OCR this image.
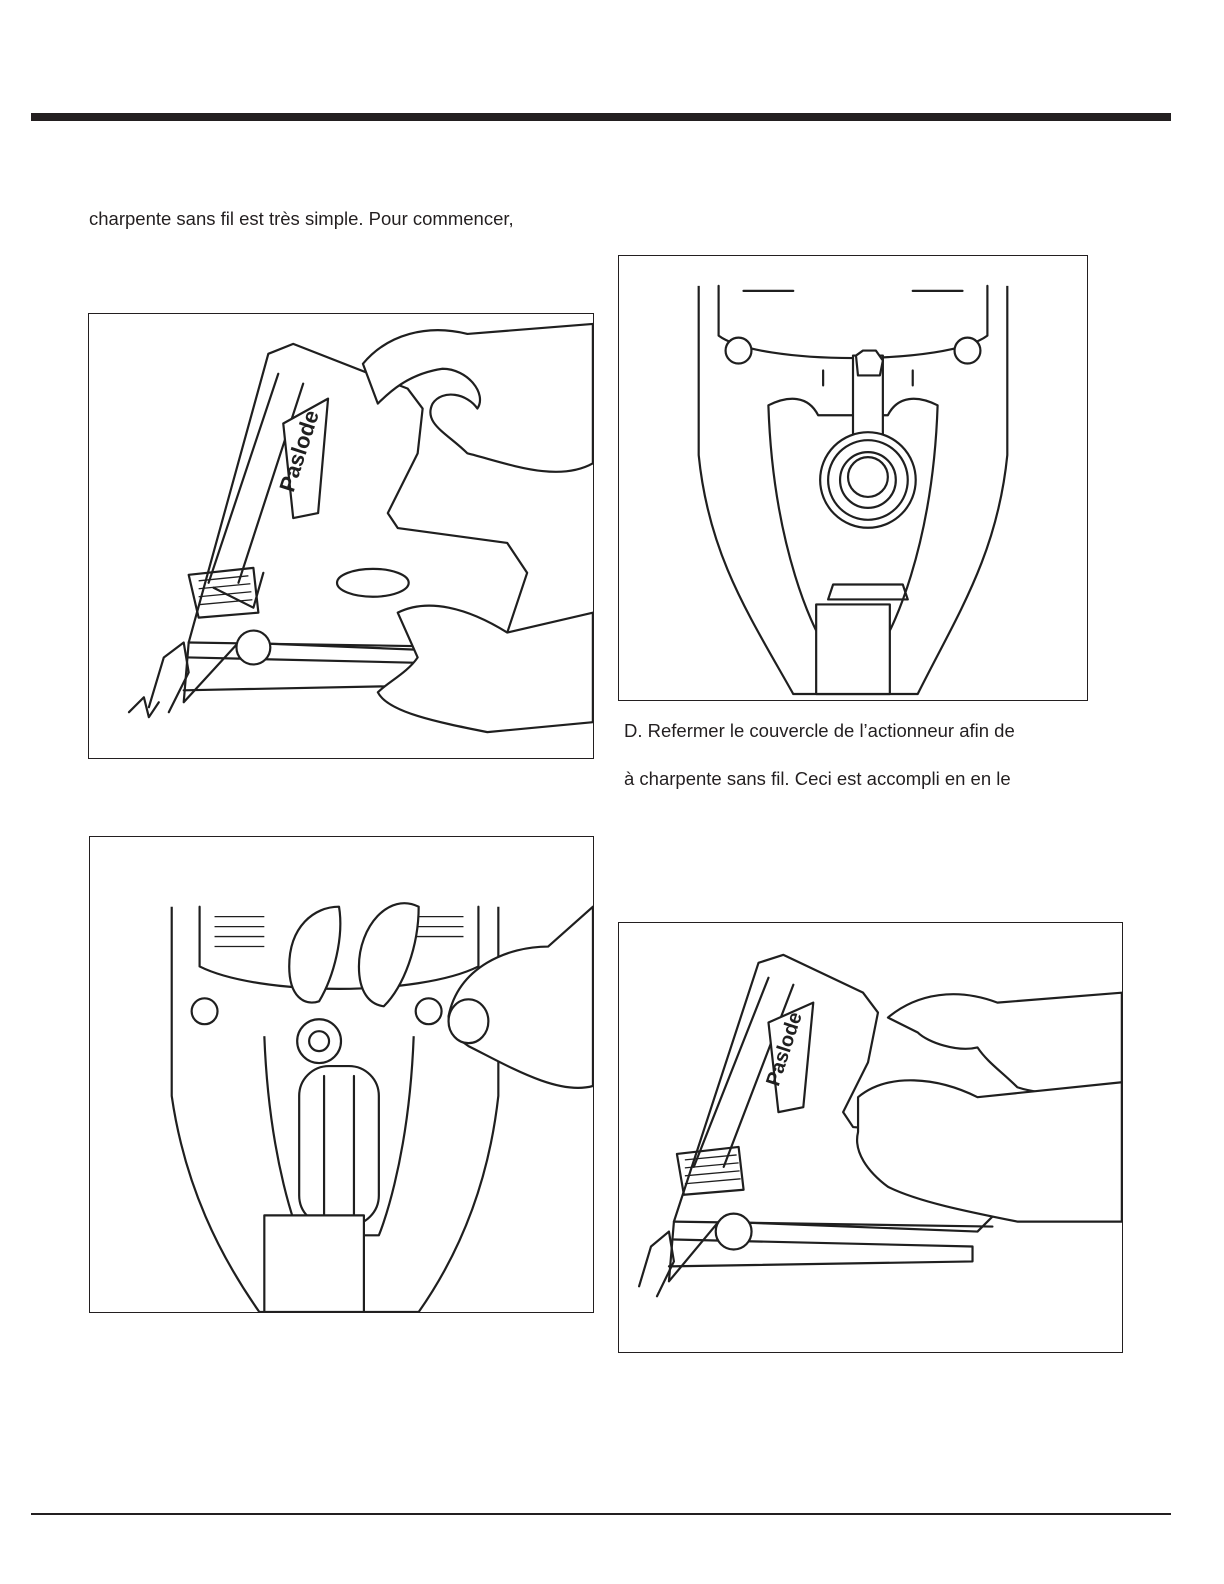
charpente sans fil est très simple. Pour commencer,
D. Refermer le couvercle de l’actionneur afin de
à charpente sans fil. Ceci est accompli en en le
Paslode
Paslode
